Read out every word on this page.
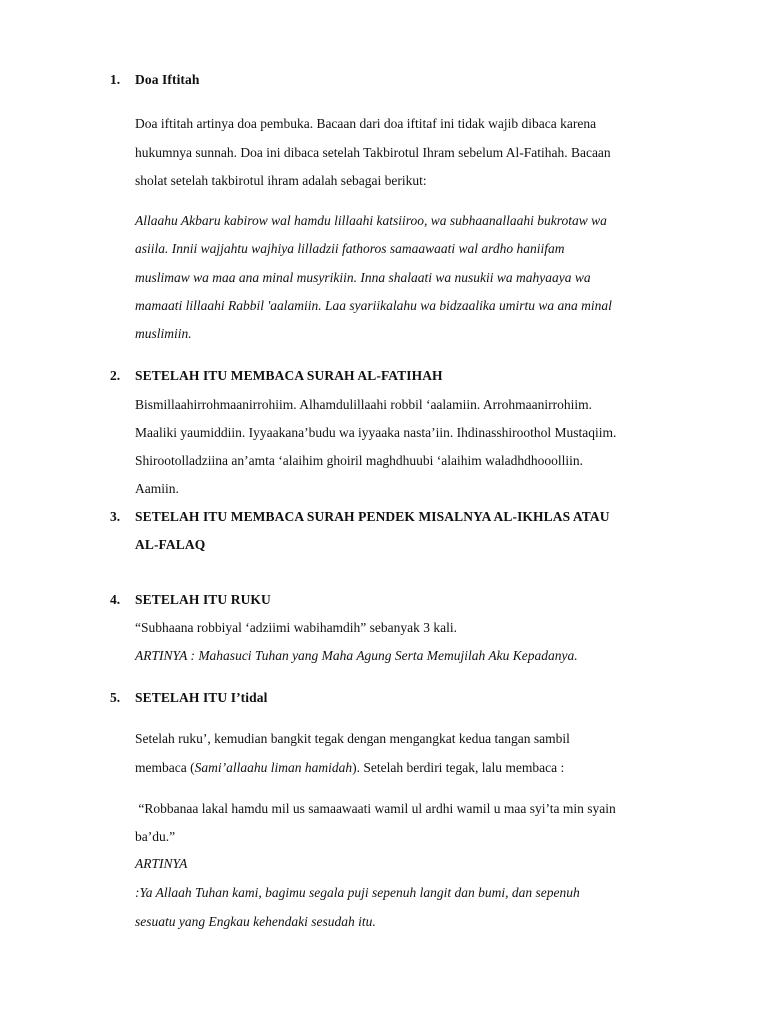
1. Doa Iftitah
Doa iftitah artinya doa pembuka. Bacaan dari doa iftitaf ini tidak wajib dibaca karena
hukumnya sunnah. Doa ini dibaca setelah Takbirotul Ihram sebelum Al-Fatihah. Bacaan
sholat setelah takbirotul ihram adalah sebagai berikut:
Allaahu Akbaru kabirow wal hamdu lillaahi katsiiroo, wa subhaanallaahi bukrotaw wa
asiila. Innii wajjahtu wajhiya lilladzii fathoros samaawaati wal ardho haniifam
muslimaw wa maa ana minal musyrikiin. Inna shalaati wa nusukii wa mahyaaya wa
mamaati lillaahi Rabbil 'aalamiin. Laa syariikalahu wa bidzaalika umirtu wa ana minal
muslimiin.
2. SETELAH ITU MEMBACA SURAH AL-FATIHAH
Bismillaahirrohmaanirrohiim. Alhamdulillaahi robbil ‘aalamiin. Arrohmaanirrohiim.
Maaliki yaumiddiin. Iyyaakana’budu wa iyyaaka nasta’iin. Ihdinasshiroothol Mustaqiim.
Shirootolladziina an’amta ‘alaihim ghoiril maghdhuubi ‘alaihim waladhdhooolliin.
Aamiin.
3. SETELAH ITU MEMBACA SURAH PENDEK MISALNYA AL-IKHLAS ATAU
AL-FALAQ
4. SETELAH ITU RUKU
“Subhaana robbiyal ‘adziimi wabihamdih” sebanyak 3 kali.
ARTINYA : Mahasuci Tuhan yang Maha Agung Serta Memujilah Aku Kepadanya.
5. SETELAH ITU I’tidal
Setelah ruku’, kemudian bangkit tegak dengan mengangkat kedua tangan sambil
membaca (Sami’allaahu liman hamidah). Setelah berdiri tegak, lalu membaca :
“Robbanaa lakal hamdu mil us samaawaati wamil ul ardhi wamil u maa syi’ta min syain
ba’du.”
ARTINYA
:Ya Allaah Tuhan kami, bagimu segala puji sepenuh langit dan bumi, dan sepenuh
sesuatu yang Engkau kehendaki sesudah itu.
